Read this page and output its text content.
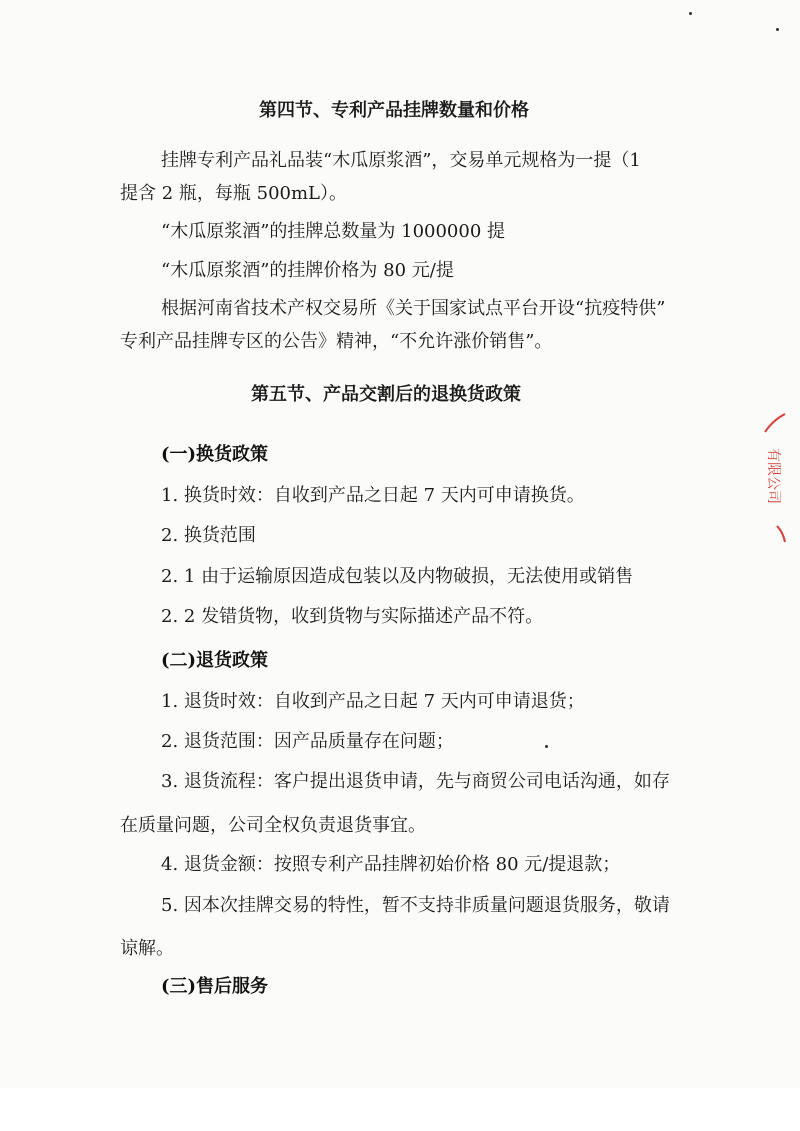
第四节、专利产品挂牌数量和价格
挂牌专利产品礼品装“木瓜原浆酒”，交易单元规格为一提（1
提含 2 瓶，每瓶 500mL）。
“木瓜原浆酒”的挂牌总数量为 1000000 提
“木瓜原浆酒”的挂牌价格为 80 元/提
根据河南省技术产权交易所《关于国家试点平台开设“抗疫特供”
专利产品挂牌专区的公告》精神，“不允许涨价销售”。
第五节、产品交割后的退换货政策
(一)换货政策
1. 换货时效：自收到产品之日起 7 天内可申请换货。
2. 换货范围
2. 1 由于运输原因造成包装以及内物破损，无法使用或销售
2. 2 发错货物，收到货物与实际描述产品不符。
(二)退货政策
1. 退货时效：自收到产品之日起 7 天内可申请退货；
2. 退货范围：因产品质量存在问题；
3. 退货流程：客户提出退货申请，先与商贸公司电话沟通，如存
在质量问题，公司全权负责退货事宜。
4. 退货金额：按照专利产品挂牌初始价格 80 元/提退款；
5. 因本次挂牌交易的特性，暂不支持非质量问题退货服务，敬请
谅解。
(三)售后服务
有限公司
